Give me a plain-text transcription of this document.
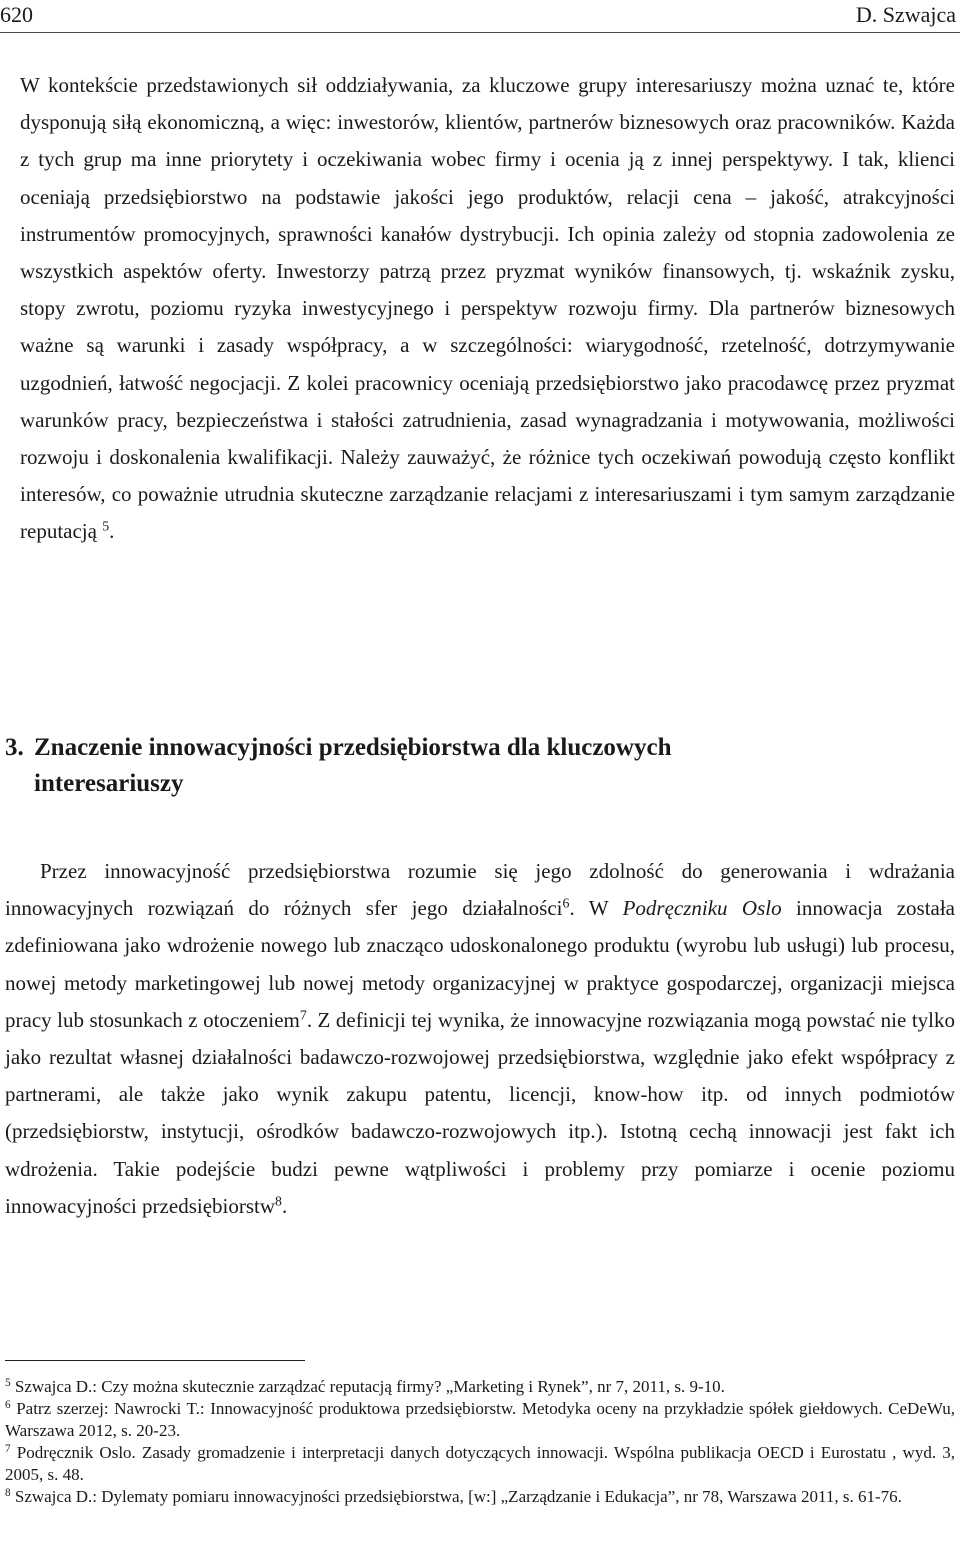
620	D. Szwajca

W kontekście przedstawionych sił oddziaływania, za kluczowe grupy interesariuszy można uznać te, które dysponują siłą ekonomiczną, a więc: inwestorów, klientów, partnerów biznesowych oraz pracowników. Każda z tych grup ma inne priorytety i oczekiwania wobec firmy i ocenia ją z innej perspektywy. I tak, klienci oceniają przedsiębiorstwo na podstawie jakości jego produktów, relacji cena – jakość, atrakcyjności instrumentów promocyjnych, sprawności kanałów dystrybucji. Ich opinia zależy od stopnia zadowolenia ze wszystkich aspektów oferty. Inwestorzy patrzą przez pryzmat wyników finansowych, tj. wskaźnik zysku, stopy zwrotu, poziomu ryzyka inwestycyjnego i perspektyw rozwoju firmy. Dla partnerów biznesowych ważne są warunki i zasady współpracy, a w szczególności: wiarygodność, rzetelność, dotrzymywanie uzgodnień, łatwość negocjacji. Z kolei pracownicy oceniają przedsiębiorstwo jako pracodawcę przez pryzmat warunków pracy, bezpieczeństwa i stałości zatrudnienia, zasad wynagradzania i motywowania, możliwości rozwoju i doskonalenia kwalifikacji. Należy zauważyć, że różnice tych oczekiwań powodują często konflikt interesów, co poważnie utrudnia skuteczne zarządzanie relacjami z interesariuszami i tym samym zarządzanie reputacją $^5$.

3. Znaczenie innowacyjności przedsiębiorstwa dla kluczowych
interesariuszy

Przez innowacyjność przedsiębiorstwa rozumie się jego zdolność do generowania i wdrażania innowacyjnych rozwiązań do różnych sfer jego działalności$^6$. W Podręczniku Oslo innowacja została zdefiniowana jako wdrożenie nowego lub znacząco udoskonalonego produktu (wyrobu lub usługi) lub procesu, nowej metody marketingowej lub nowej metody organizacyjnej w praktyce gospodarczej, organizacji miejsca pracy lub stosunkach z otoczeniem$^7$. Z definicji tej wynika, że innowacyjne rozwiązania mogą powstać nie tylko jako rezultat własnej działalności badawczo-rozwojowej przedsiębiorstwa, względnie jako efekt współpracy z partnerami, ale także jako wynik zakupu patentu, licencji, know-how itp. od innych podmiotów (przedsiębiorstw, instytucji, ośrodków badawczo-rozwojowych itp.). Istotną cechą innowacji jest fakt ich wdrożenia. Takie podejście budzi pewne wątpliwości i problemy przy pomiarze i ocenie poziomu innowacyjności przedsiębiorstw$^8$.

$^5$ Szwajca D.: Czy można skutecznie zarządzać reputacją firmy? „Marketing i Rynek”, nr 7, 2011, s. 9-10.

$^6$ Patrz szerzej: Nawrocki T.: Innowacyjność produktowa przedsiębiorstw. Metodyka oceny na przykładzie spółek giełdowych. CeDeWu, Warszawa 2012, s. 20-23.

$^7$ Podręcznik Oslo. Zasady gromadzenie i interpretacji danych dotyczących innowacji. Wspólna publikacja OECD i Eurostatu , wyd. 3, 2005, s. 48.

$^8$ Szwajca D.: Dylematy pomiaru innowacyjności przedsiębiorstwa, [w:] „Zarządzanie i Edukacja”, nr 78, Warszawa 2011, s. 61-76.
